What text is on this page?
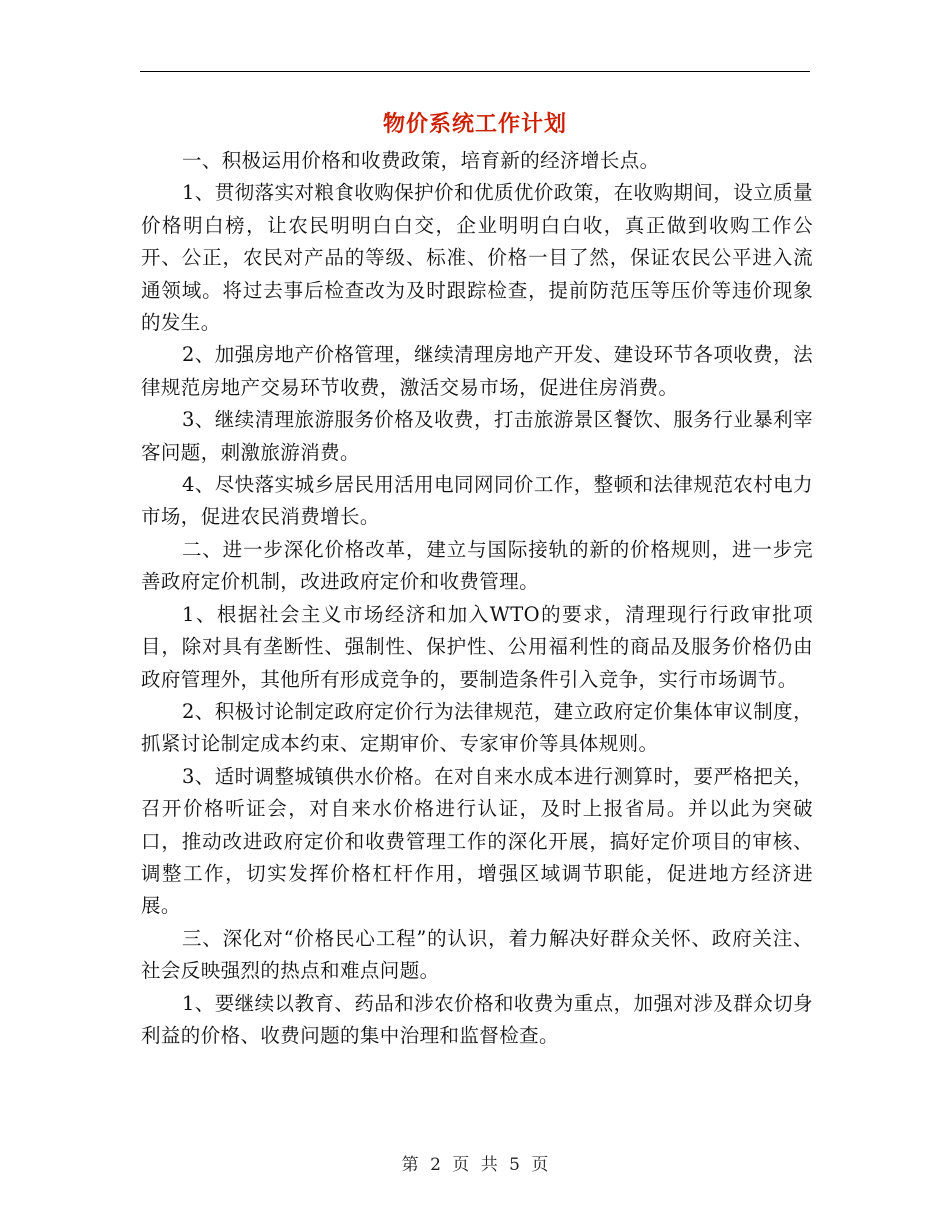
物价系统工作计划

一、积极运用价格和收费政策，培育新的经济增长点。

1、贯彻落实对粮食收购保护价和优质优价政策，在收购期间，设立质量价格明白榜，让农民明明白白交，企业明明白白收，真正做到收购工作公开、公正，农民对产品的等级、标准、价格一目了然，保证农民公平进入流通领域。将过去事后检查改为及时跟踪检查，提前防范压等压价等违价现象的发生。

2、加强房地产价格管理，继续清理房地产开发、建设环节各项收费，法律规范房地产交易环节收费，激活交易市场，促进住房消费。

3、继续清理旅游服务价格及收费，打击旅游景区餐饮、服务行业暴利宰客问题，刺激旅游消费。

4、尽快落实城乡居民用活用电同网同价工作，整顿和法律规范农村电力市场，促进农民消费增长。

二、进一步深化价格改革，建立与国际接轨的新的价格规则，进一步完善政府定价机制，改进政府定价和收费管理。

1、根据社会主义市场经济和加入WTO的要求，清理现行行政审批项目，除对具有垄断性、强制性、保护性、公用福利性的商品及服务价格仍由政府管理外，其他所有形成竞争的，要制造条件引入竞争，实行市场调节。

2、积极讨论制定政府定价行为法律规范，建立政府定价集体审议制度，抓紧讨论制定成本约束、定期审价、专家审价等具体规则。

3、适时调整城镇供水价格。在对自来水成本进行测算时，要严格把关，召开价格听证会，对自来水价格进行认证，及时上报省局。并以此为突破口，推动改进政府定价和收费管理工作的深化开展，搞好定价项目的审核、调整工作，切实发挥价格杠杆作用，增强区域调节职能，促进地方经济进展。

三、深化对“价格民心工程”的认识，着力解决好群众关怀、政府关注、社会反映强烈的热点和难点问题。

1、要继续以教育、药品和涉农价格和收费为重点，加强对涉及群众切身利益的价格、收费问题的集中治理和监督检查。

第 2 页 共 5 页
